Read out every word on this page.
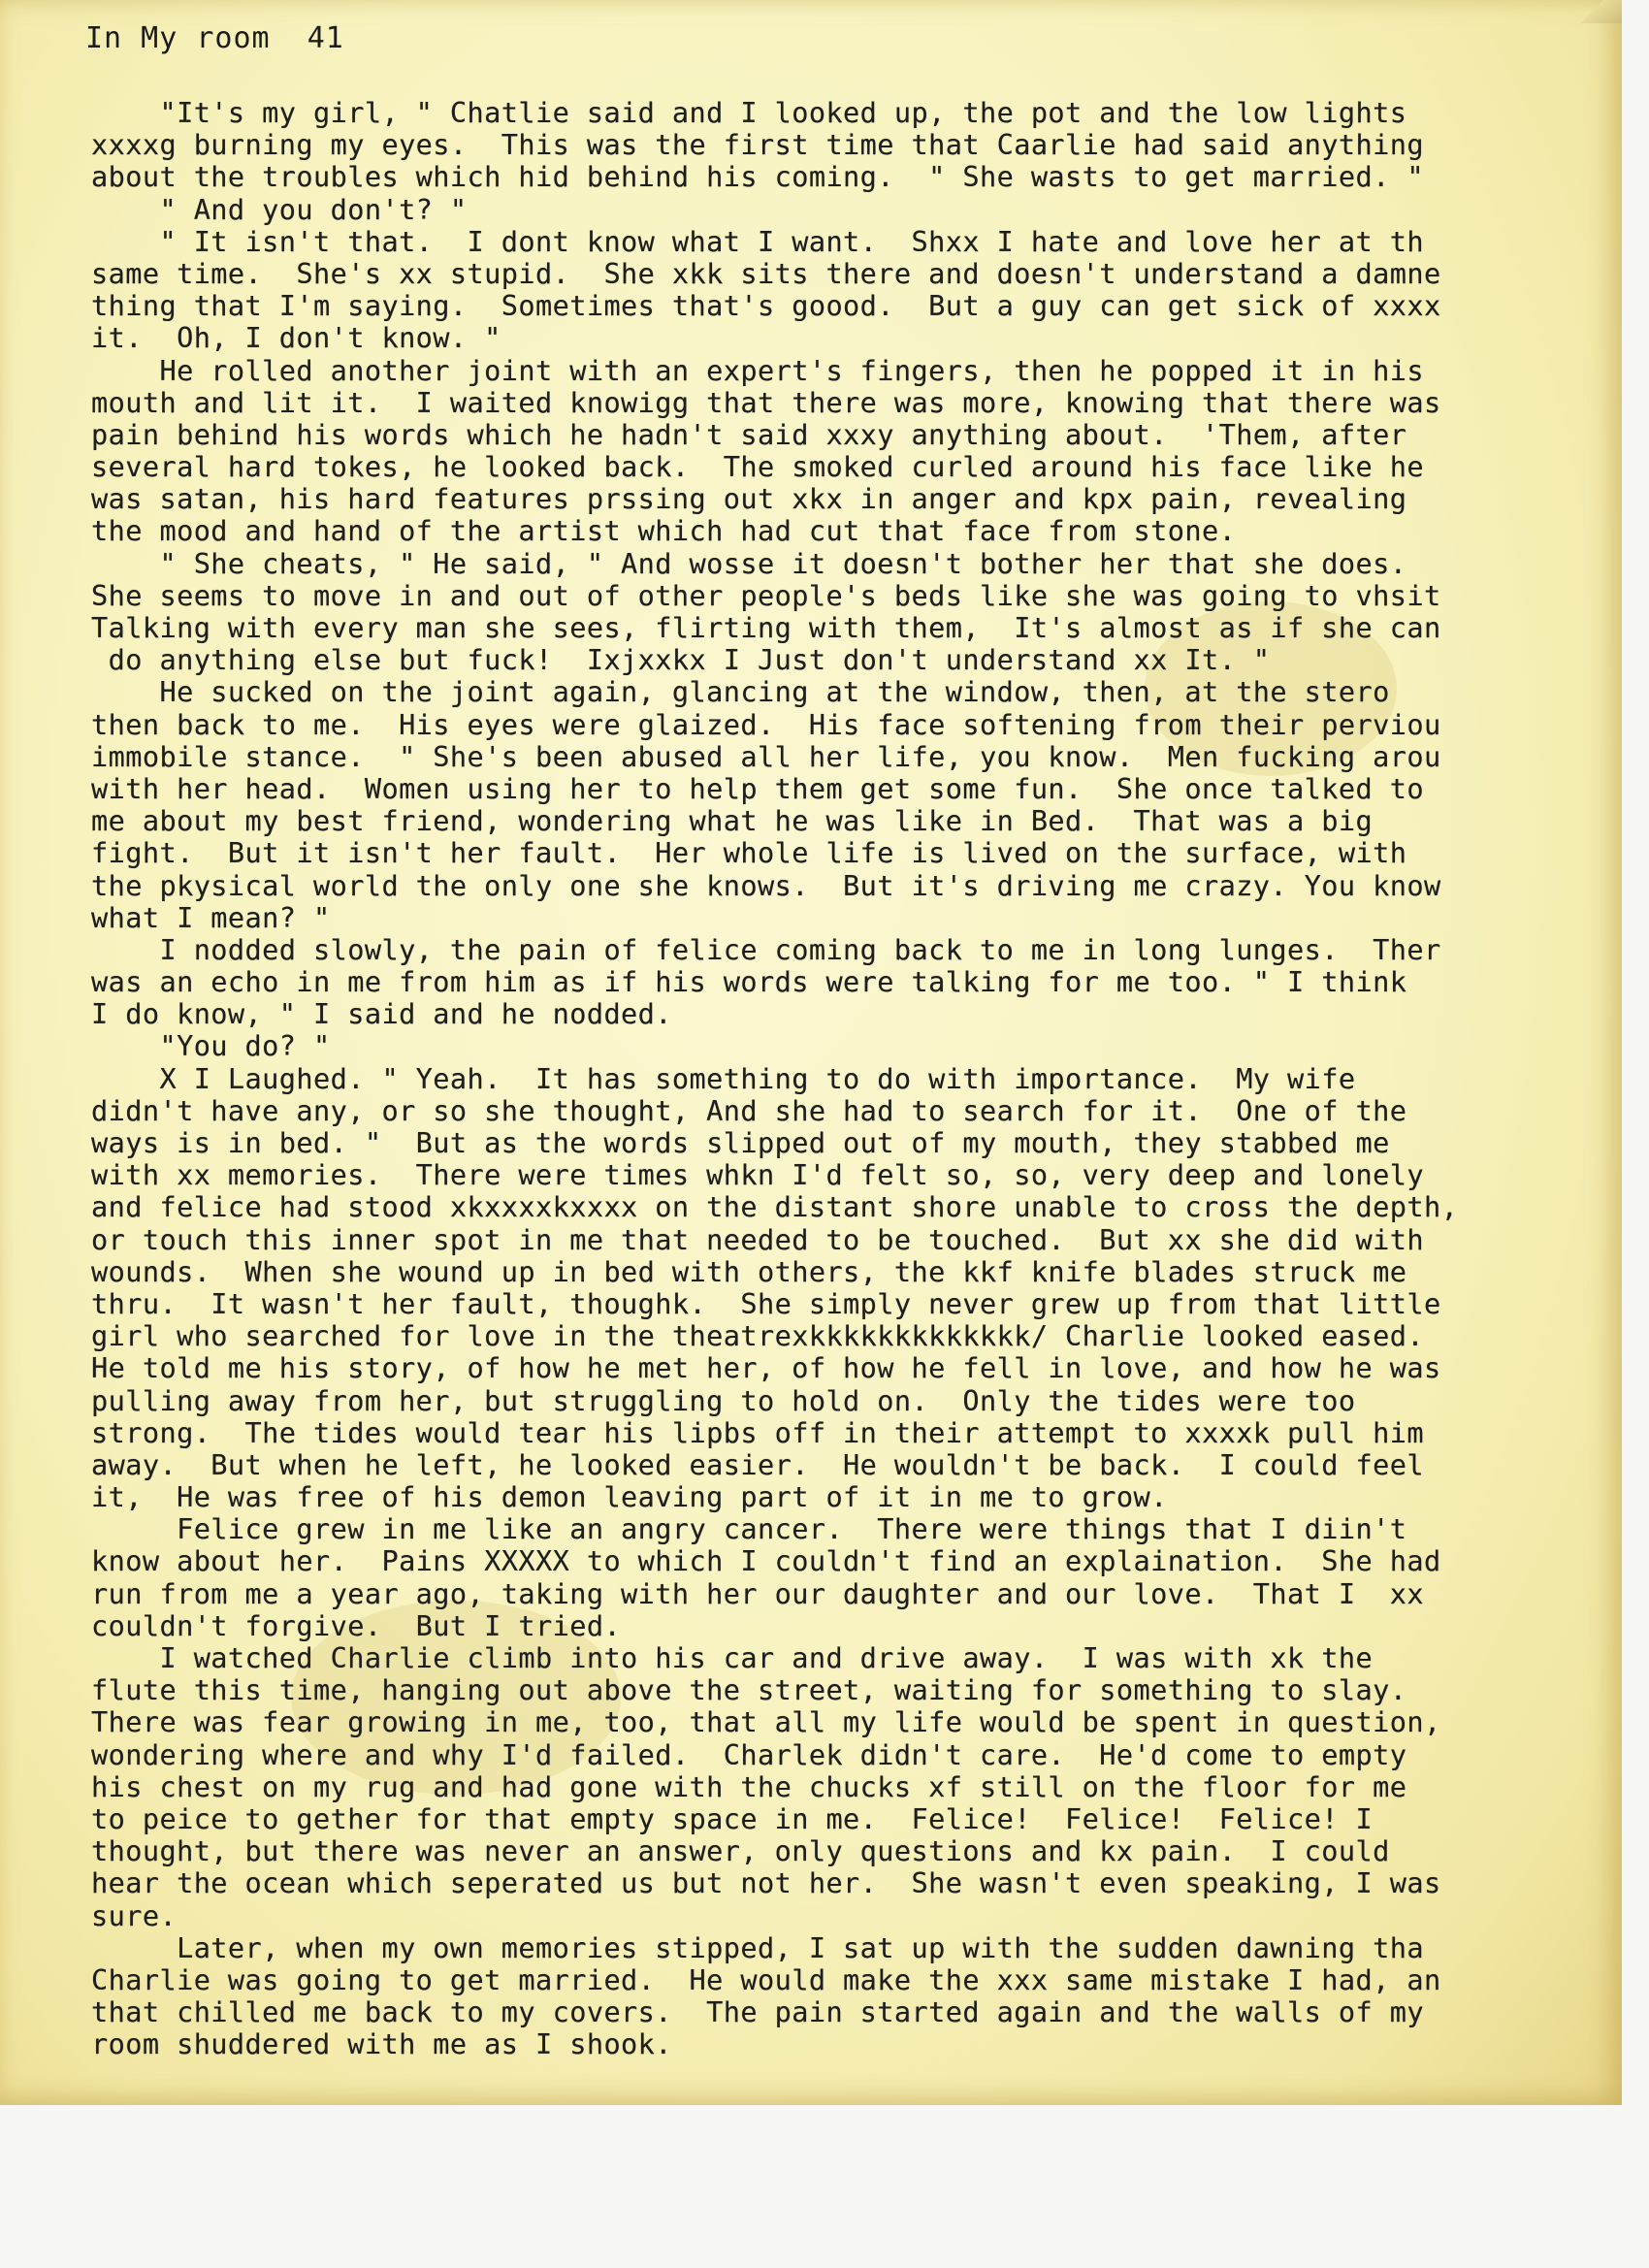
In My room 41
"It's my girl, " Chatlie said and I looked up, the pot and the low lights
xxxxg burning my eyes.  This was the first time that Caarlie had said anything
about the troubles which hid behind his coming.  " She wasts to get married. "
" And you don't? "
" It isn't that.  I dont know what I want.  Shxx I hate and love her at th
same time.  She's xx stupid.  She xkk sits there and doesn't understand a damne
thing that I'm saying.  Sometimes that's goood.  But a guy can get sick of xxxx
it.  Oh, I don't know. "
He rolled another joint with an expert's fingers, then he popped it in his
mouth and lit it.  I waited knowigg that there was more, knowing that there was
pain behind his words which he hadn't said xxxy anything about.  'Them, after
several hard tokes, he looked back.  The smoked curled around his face like he
was satan, his hard features prssing out xkx in anger and kpx pain, revealing
the mood and hand of the artist which had cut that face from stone.
" She cheats, " He said, " And wosse it doesn't bother her that she does.
She seems to move in and out of other people's beds like she was going to vhsit
Talking with every man she sees, flirting with them,  It's almost as if she can
do anything else but fuck!  Ixjxxkx I Just don't understand xx It. "
He sucked on the joint again, glancing at the window, then, at the stero
then back to me.  His eyes were glaized.  His face softening from their perviou
immobile stance.  " She's been abused all her life, you know.  Men fucking arou
with her head.  Women using her to help them get some fun.  She once talked to
me about my best friend, wondering what he was like in Bed.  That was a big
fight.  But it isn't her fault.  Her whole life is lived on the surface, with
the pkysical world the only one she knows.  But it's driving me crazy. You know
what I mean? "
I nodded slowly, the pain of felice coming back to me in long lunges.  Ther
was an echo in me from him as if his words were talking for me too. " I think
I do know, " I said and he nodded.
"You do? "
X I Laughed. " Yeah.  It has something to do with importance.  My wife
didn't have any, or so she thought, And she had to search for it.  One of the
ways is in bed. "  But as the words slipped out of my mouth, they stabbed me
with xx memories.  There were times whkn I'd felt so, so, very deep and lonely
and felice had stood xkxxxxkxxxx on the distant shore unable to cross the depth,
or touch this inner spot in me that needed to be touched.  But xx she did with
wounds.  When she wound up in bed with others, the kkf knife blades struck me
thru.  It wasn't her fault, thoughk.  She simply never grew up from that little
girl who searched for love in the theatrexkkkkkkkkkkkkk/ Charlie looked eased.
He told me his story, of how he met her, of how he fell in love, and how he was
pulling away from her, but struggling to hold on.  Only the tides were too
strong.  The tides would tear his lipbs off in their attempt to xxxxk pull him
away.  But when he left, he looked easier.  He wouldn't be back.  I could feel
it,  He was free of his demon leaving part of it in me to grow.
Felice grew in me like an angry cancer.  There were things that I diin't
know about her.  Pains XXXXX to which I couldn't find an explaination.  She had
run from me a year ago, taking with her our daughter and our love.  That I  xx
couldn't forgive.  But I tried.
I watched Charlie climb into his car and drive away.  I was with xk the
flute this time, hanging out above the street, waiting for something to slay.
There was fear growing in me, too, that all my life would be spent in question,
wondering where and why I'd failed.  Charlek didn't care.  He'd come to empty
his chest on my rug and had gone with the chucks xf still on the floor for me
to peice to gether for that empty space in me.  Felice!  Felice!  Felice! I
thought, but there was never an answer, only questions and kx pain.  I could
hear the ocean which seperated us but not her.  She wasn't even speaking, I was
sure.
Later, when my own memories stipped, I sat up with the sudden dawning tha
Charlie was going to get married.  He would make the xxx same mistake I had, an
that chilled me back to my covers.  The pain started again and the walls of my
room shuddered with me as I shook.
